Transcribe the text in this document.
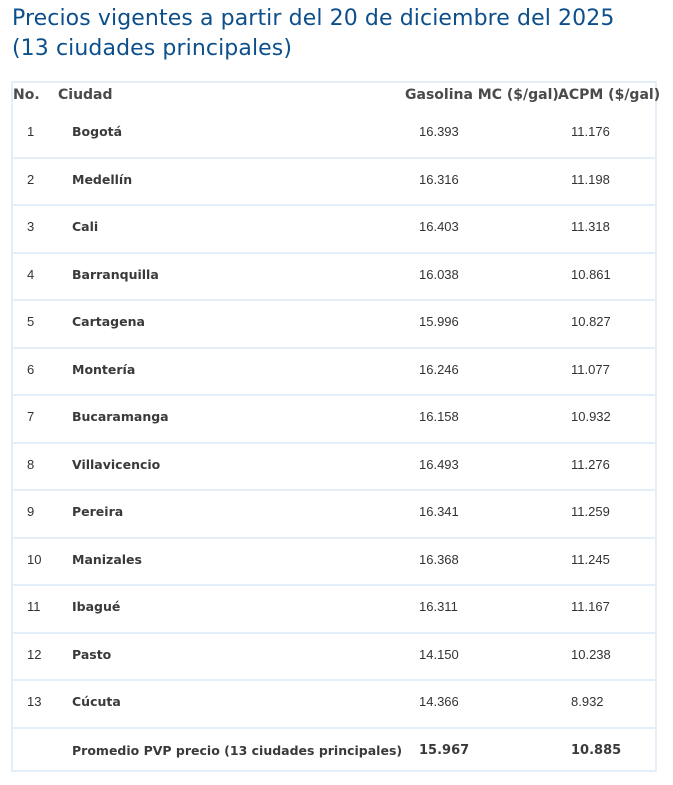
Precios vigentes a partir del 20 de diciembre del 2025 (13 ciudades principales)
No. Ciudad	Gasolina MC ($/gal) ACPM ($/gal)
1	Bogotá	16.393	11.176
2	Medellín	16.316	11.198
3	Cali	16.403	11.318
4	Barranquilla	16.038	10.861
5	Cartagena	15.996	10.827
6	Montería	16.246	11.077
7	Bucaramanga	16.158	10.932
8	Villavicencio	16.493	11.276
9	Pereira	16.341	11.259
10 Manizales	16.368	11.245
11	Ibagué	16.311	11.167
12 Pasto	14.150	10.238
13 Cúcuta	14.366	8.932
Promedio PVP precio (13 ciudades principales) 15.967	10.885
